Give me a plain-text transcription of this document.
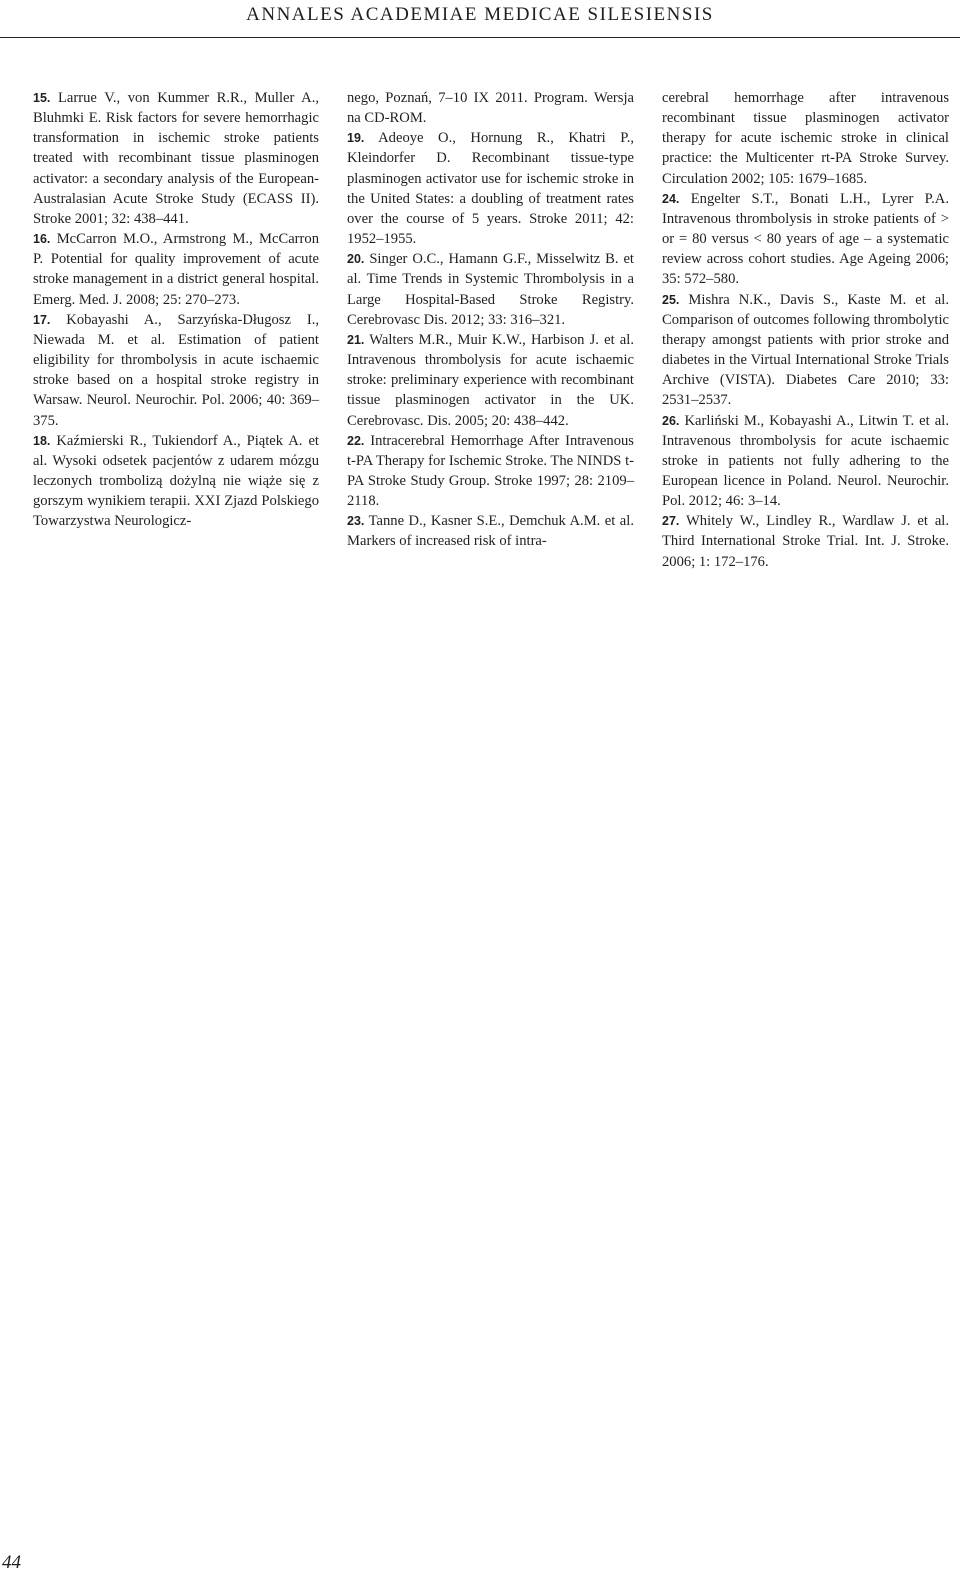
ANNALES ACADEMIAE MEDICAE SILESIENSIS

15. Larrue V., von Kummer R.R., Muller A., Bluhmki E. Risk factors for severe hemorrhagic transformation in ischemic stroke patients treated with recombinant tissue plasminogen activator: a secondary analysis of the European-Australasian Acute Stroke Study (ECASS II). Stroke 2001; 32: 438–441.

16. McCarron M.O., Armstrong M., McCarron P. Potential for quality improvement of acute stroke management in a district general hospital. Emerg. Med. J. 2008; 25: 270–273.

17. Kobayashi A., Sarzyńska-Długosz I., Niewada M. et al. Estimation of patient eligibility for thrombolysis in acute ischaemic stroke based on a hospital stroke registry in Warsaw. Neurol. Neurochir. Pol. 2006; 40: 369–375.

18. Kaźmierski R., Tukiendorf A., Piątek A. et al. Wysoki odsetek pacjentów z udarem mózgu leczonych trombolizą dożylną nie wiąże się z gorszym wynikiem terapii. XXI Zjazd Polskiego Towarzystwa Neurologicz-

nego, Poznań, 7–10 IX 2011. Program. Wersja na CD-ROM.

19. Adeoye O., Hornung R., Khatri P., Kleindorfer D. Recombinant tissue-type plasminogen activator use for ischemic stroke in the United States: a doubling of treatment rates over the course of 5 years. Stroke 2011; 42: 1952–1955.

20. Singer O.C., Hamann G.F., Misselwitz B. et al. Time Trends in Systemic Thrombolysis in a Large Hospital-Based Stroke Registry. Cerebrovasc Dis. 2012; 33: 316–321.

21. Walters M.R., Muir K.W., Harbison J. et al. Intravenous thrombolysis for acute ischaemic stroke: preliminary experience with recombinant tissue plasminogen activator in the UK. Cerebrovasc. Dis. 2005; 20: 438–442.

22. Intracerebral Hemorrhage After Intravenous t-PA Therapy for Ischemic Stroke. The NINDS t-PA Stroke Study Group. Stroke 1997; 28: 2109–2118.

23. Tanne D., Kasner S.E., Demchuk A.M. et al. Markers of increased risk of intra-

cerebral hemorrhage after intravenous recombinant tissue plasminogen activator therapy for acute ischemic stroke in clinical practice: the Multicenter rt-PA Stroke Survey. Circulation 2002; 105: 1679–1685.

24. Engelter S.T., Bonati L.H., Lyrer P.A. Intravenous thrombolysis in stroke patients of > or = 80 versus < 80 years of age – a systematic review across cohort studies. Age Ageing 2006; 35: 572–580.

25. Mishra N.K., Davis S., Kaste M. et al. Comparison of outcomes following thrombolytic therapy amongst patients with prior stroke and diabetes in the Virtual International Stroke Trials Archive (VISTA). Diabetes Care 2010; 33: 2531–2537.

26. Karliński M., Kobayashi A., Litwin T. et al. Intravenous thrombolysis for acute ischaemic stroke in patients not fully adhering to the European licence in Poland. Neurol. Neurochir. Pol. 2012; 46: 3–14.

27. Whitely W., Lindley R., Wardlaw J. et al. Third International Stroke Trial. Int. J. Stroke. 2006; 1: 172–176.

44
